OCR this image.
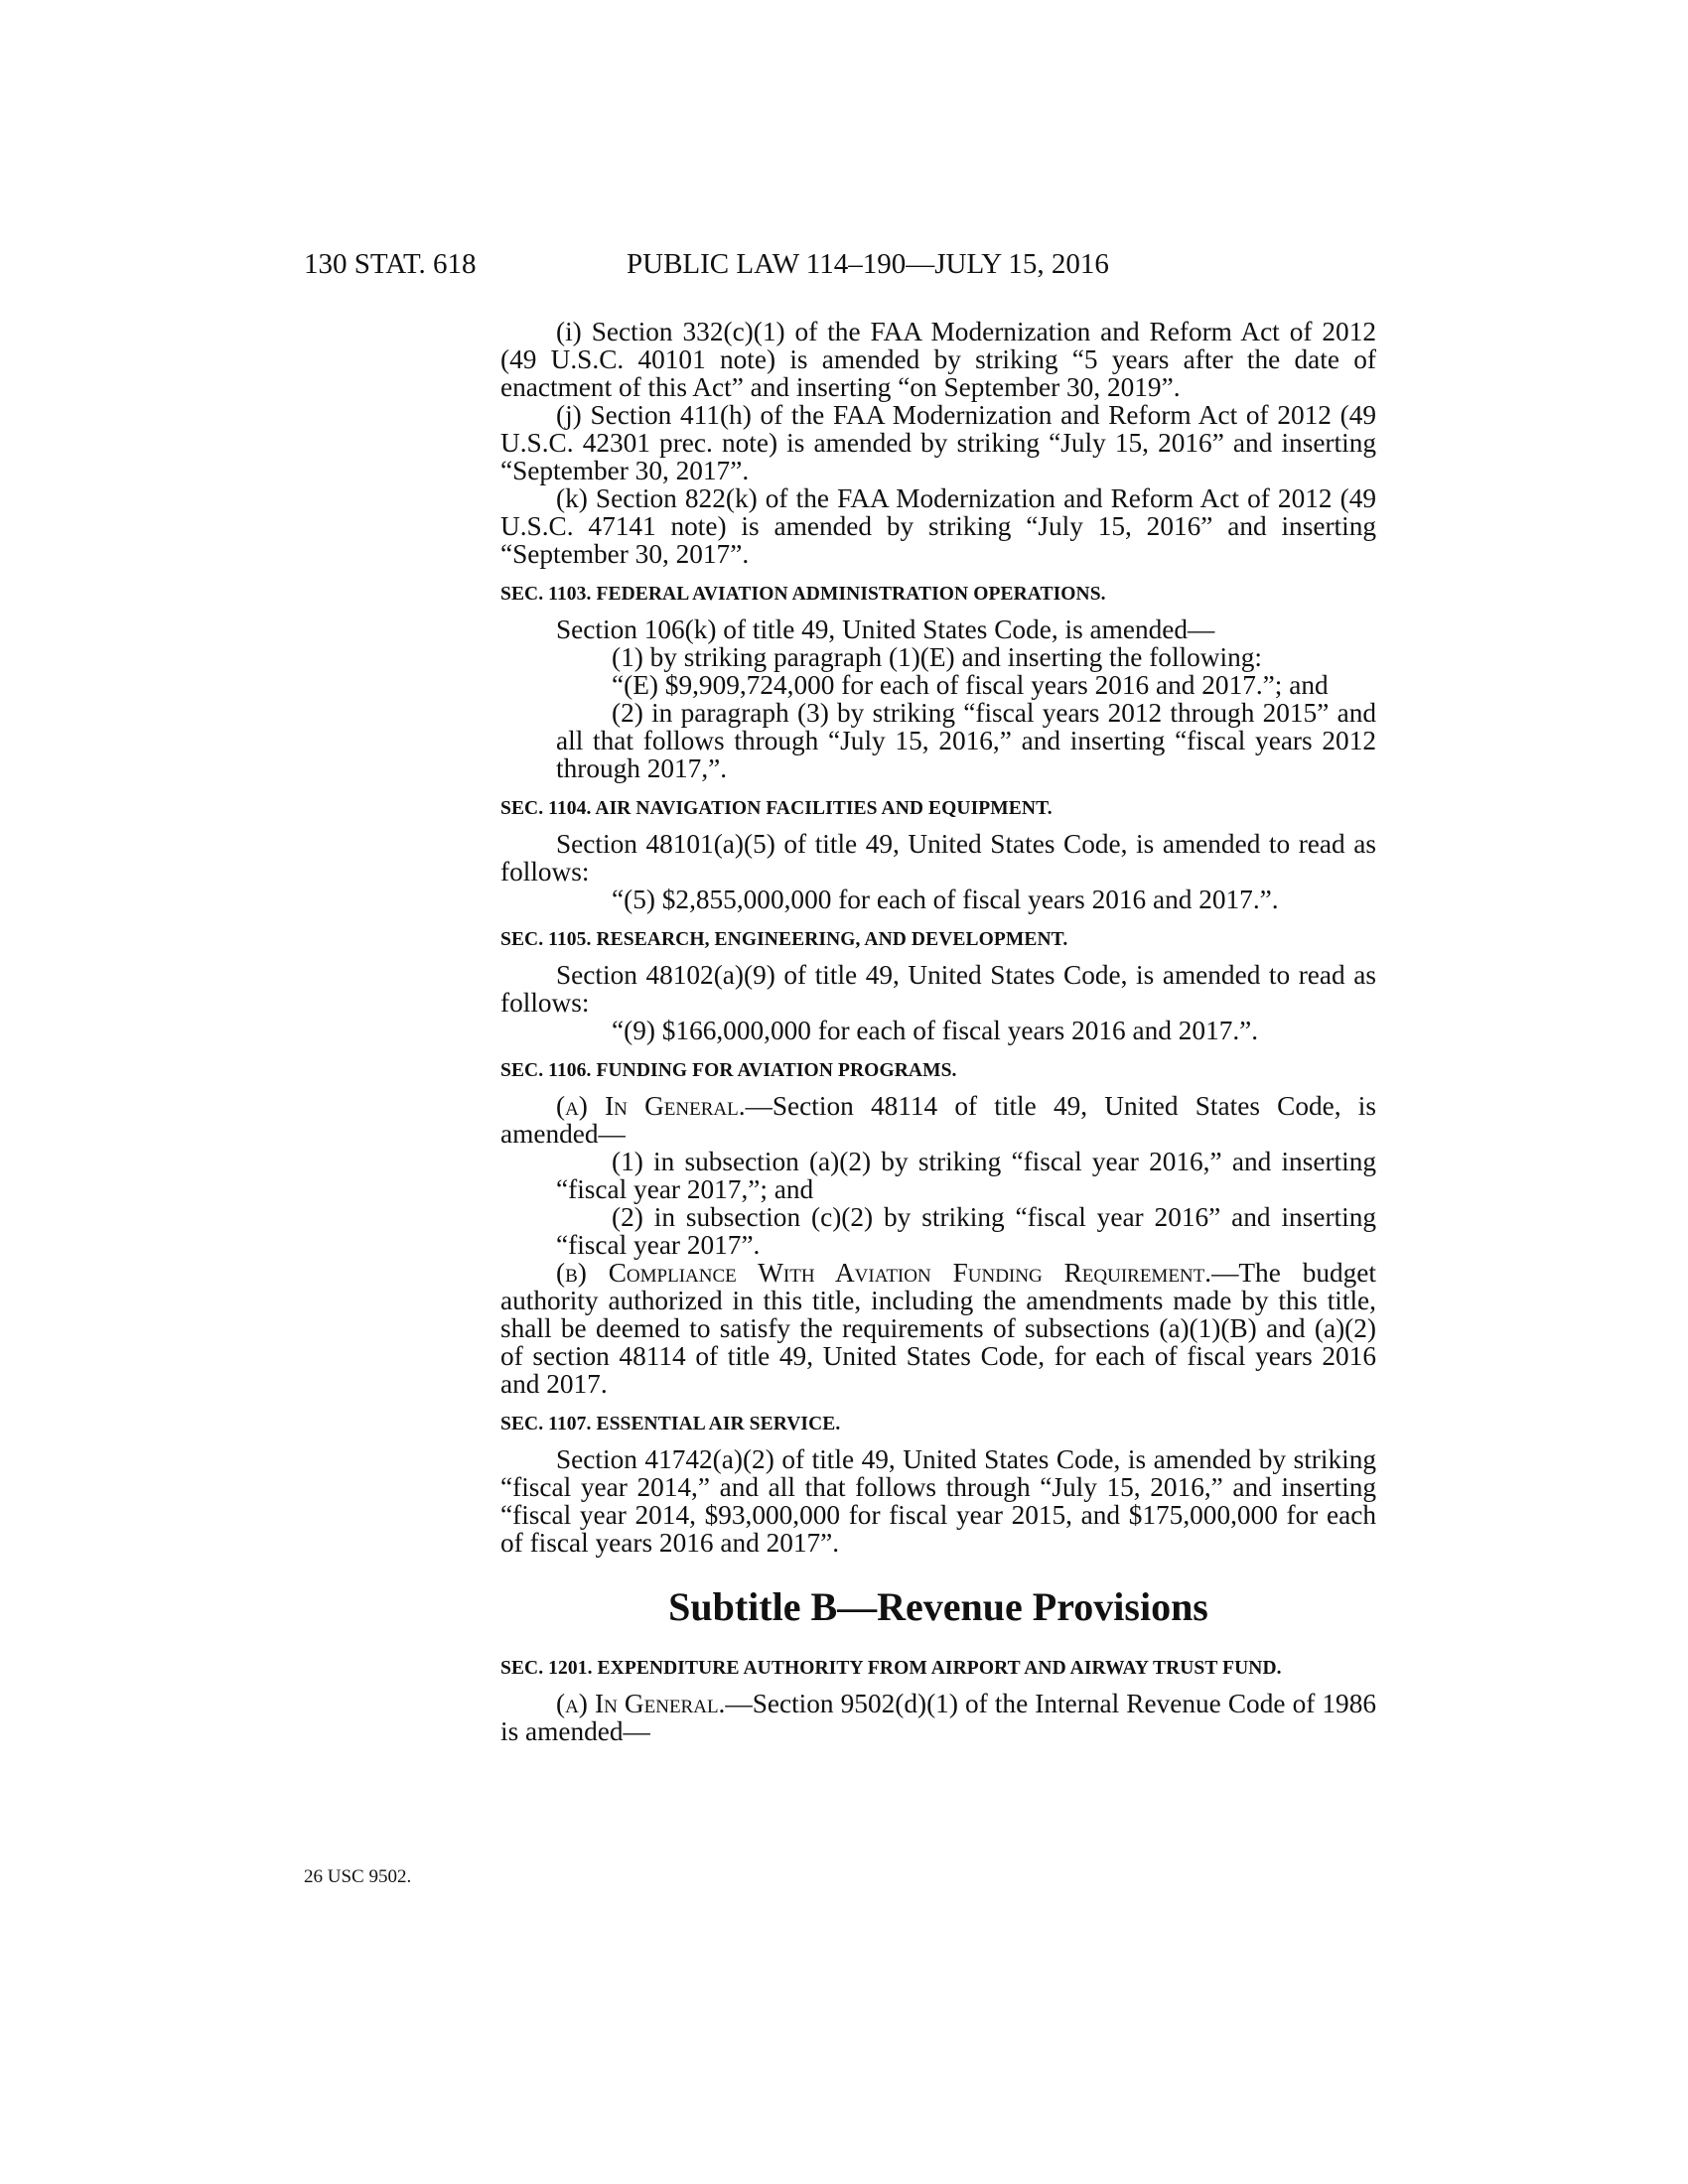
130 STAT. 618	PUBLIC LAW 114–190—JULY 15, 2016

(i) Section 332(c)(1) of the FAA Modernization and Reform Act of 2012 (49 U.S.C. 40101 note) is amended by striking “5 years after the date of enactment of this Act” and inserting “on September 30, 2019”.

(j) Section 411(h) of the FAA Modernization and Reform Act of 2012 (49 U.S.C. 42301 prec. note) is amended by striking “July 15, 2016” and inserting “September 30, 2017”.

(k) Section 822(k) of the FAA Modernization and Reform Act of 2012 (49 U.S.C. 47141 note) is amended by striking “July 15, 2016” and inserting “September 30, 2017”.

SEC. 1103. FEDERAL AVIATION ADMINISTRATION OPERATIONS.

Section 106(k) of title 49, United States Code, is amended—

(1) by striking paragraph (1)(E) and inserting the following:

“(E) $9,909,724,000 for each of fiscal years 2016 and 2017.”; and

(2) in paragraph (3) by striking “fiscal years 2012 through 2015” and all that follows through “July 15, 2016,” and inserting “fiscal years 2012 through 2017,”.

SEC. 1104. AIR NAVIGATION FACILITIES AND EQUIPMENT.

Section 48101(a)(5) of title 49, United States Code, is amended to read as follows:

“(5) $2,855,000,000 for each of fiscal years 2016 and 2017.”.

SEC. 1105. RESEARCH, ENGINEERING, AND DEVELOPMENT.

Section 48102(a)(9) of title 49, United States Code, is amended to read as follows:

“(9) $166,000,000 for each of fiscal years 2016 and 2017.”.

SEC. 1106. FUNDING FOR AVIATION PROGRAMS.

(a) In General.—Section 48114 of title 49, United States Code, is amended—

(1) in subsection (a)(2) by striking “fiscal year 2016,” and inserting “fiscal year 2017,”; and

(2) in subsection (c)(2) by striking “fiscal year 2016” and inserting “fiscal year 2017”.

(b) Compliance With Aviation Funding Requirement.—The budget authority authorized in this title, including the amendments made by this title, shall be deemed to satisfy the requirements of subsections (a)(1)(B) and (a)(2) of section 48114 of title 49, United States Code, for each of fiscal years 2016 and 2017.

SEC. 1107. ESSENTIAL AIR SERVICE.

Section 41742(a)(2) of title 49, United States Code, is amended by striking “fiscal year 2014,” and all that follows through “July 15, 2016,” and inserting “fiscal year 2014, $93,000,000 for fiscal year 2015, and $175,000,000 for each of fiscal years 2016 and 2017”.

Subtitle B—Revenue Provisions
SEC. 1201. EXPENDITURE AUTHORITY FROM AIRPORT AND AIRWAY TRUST FUND.

(a) In General.—Section 9502(d)(1) of the Internal Revenue Code of 1986 is amended—

26 USC 9502.
